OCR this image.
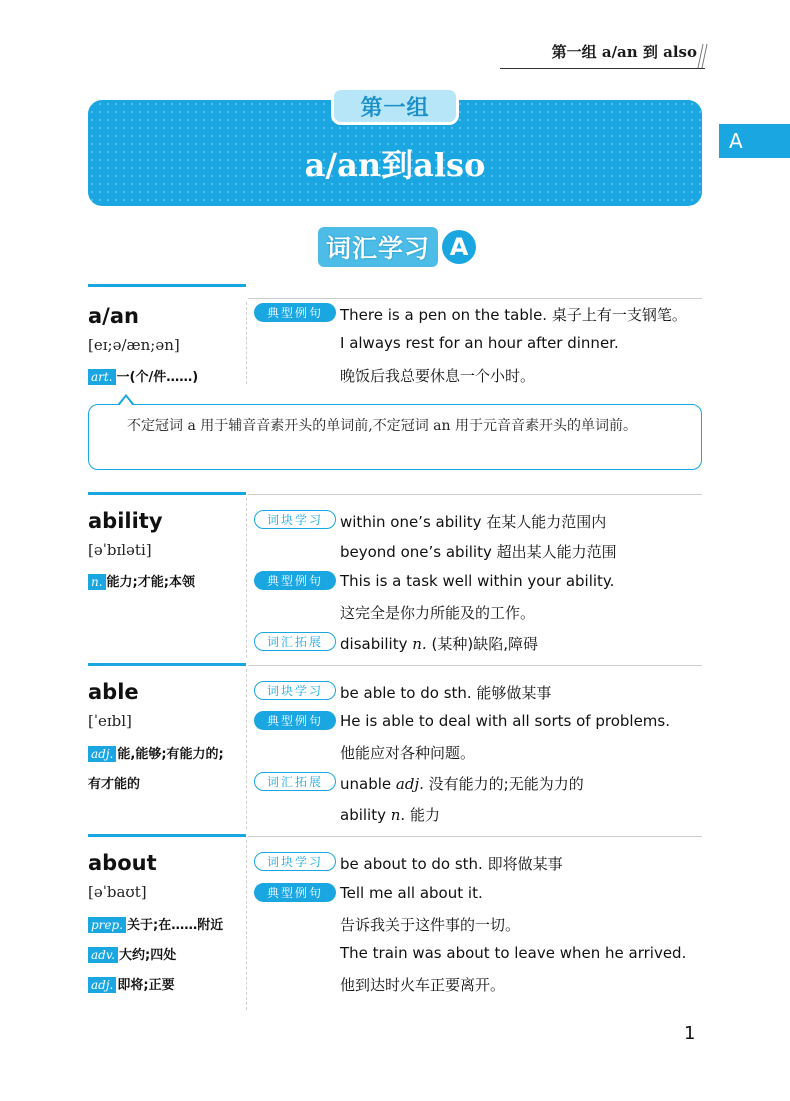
第一组 a/an 到 also
第一组
a/an到also
A
词汇学习 A
a/an
[eɪ;ə/æn;ən]
art. 一(个/件……)
典型例句	There is a pen on the table. 桌子上有一支钢笔。
I always rest for an hour after dinner.
晚饭后我总要休息一个小时。
不定冠词 a 用于辅音音素开头的单词前,不定冠词 an 用于元音音素开头的单词前。
ability
[əˈbɪləti]
n. 能力;才能;本领
词块学习	within one’s ability 在某人能力范围内
beyond one’s ability 超出某人能力范围
典型例句	This is a task well within your ability.
这完全是你力所能及的工作。
词汇拓展	disability n. (某种)缺陷,障碍
able
[ˈeɪbl]
adj. 能,能够;有能力的;
有才能的
词块学习	be able to do sth. 能够做某事
典型例句	He is able to deal with all sorts of problems.
他能应对各种问题。
词汇拓展	unable adj. 没有能力的;无能为力的
ability n. 能力
about
[əˈbaʊt]
prep. 关于;在……附近
adv. 大约;四处
adj. 即将;正要
词块学习	be about to do sth. 即将做某事
典型例句	Tell me all about it.
告诉我关于这件事的一切。
The train was about to leave when he arrived.
他到达时火车正要离开。
1
